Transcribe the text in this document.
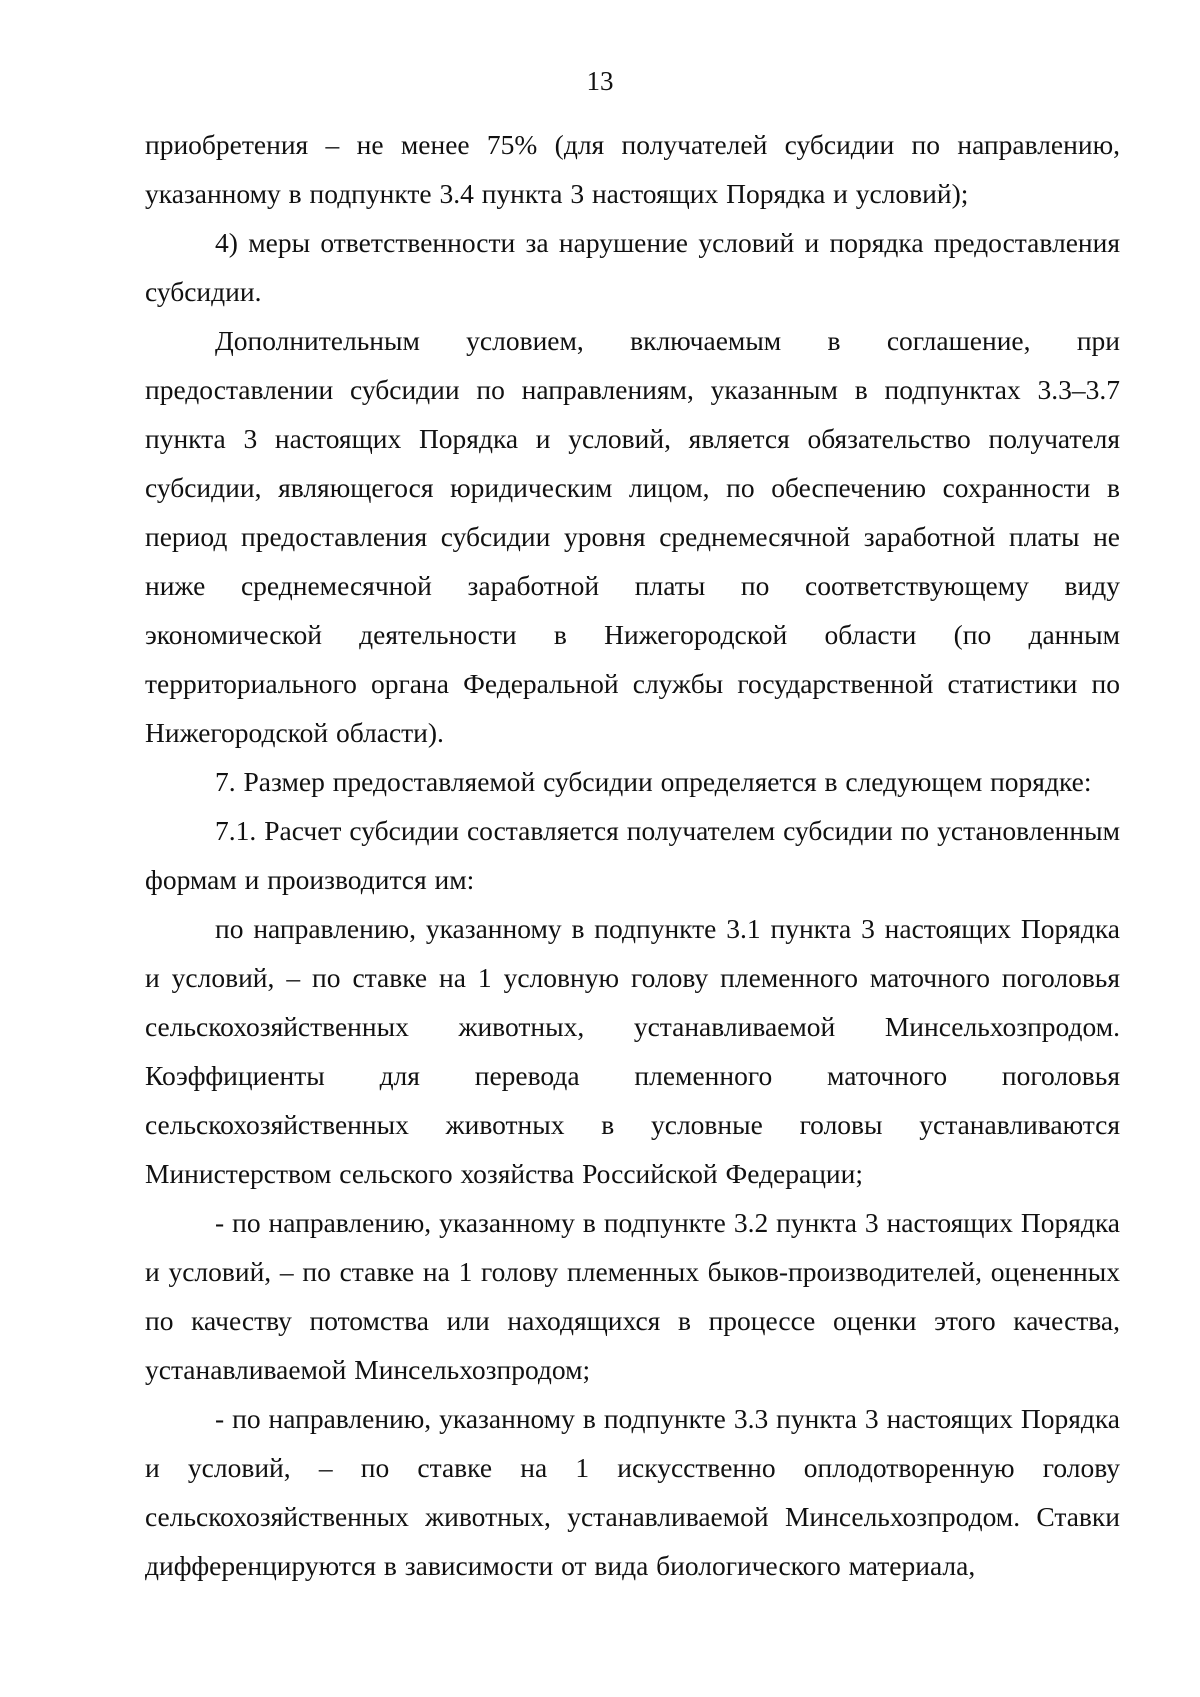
13

приобретения – не менее 75% (для получателей субсидии по направлению, указанному в подпункте 3.4 пункта 3 настоящих Порядка и условий);

4) меры ответственности за нарушение условий и порядка предоставления субсидии.

Дополнительным условием, включаемым в соглашение, при предоставлении субсидии по направлениям, указанным в подпунктах 3.3–3.7 пункта 3 настоящих Порядка и условий, является обязательство получателя субсидии, являющегося юридическим лицом, по обеспечению сохранности в период предоставления субсидии уровня среднемесячной заработной платы не ниже среднемесячной заработной платы по соответствующему виду экономической деятельности в Нижегородской области (по данным территориального органа Федеральной службы государственной статистики по Нижегородской области).

7. Размер предоставляемой субсидии определяется в следующем порядке:

7.1. Расчет субсидии составляется получателем субсидии по установленным формам и производится им:

по направлению, указанному в подпункте 3.1 пункта 3 настоящих Порядка и условий, – по ставке на 1 условную голову племенного маточного поголовья сельскохозяйственных животных, устанавливаемой Минсельхозпродом. Коэффициенты для перевода племенного маточного поголовья сельскохозяйственных животных в условные головы устанавливаются Министерством сельского хозяйства Российской Федерации;

- по направлению, указанному в подпункте 3.2 пункта 3 настоящих Порядка и условий, – по ставке на 1 голову племенных быков-производителей, оцененных по качеству потомства или находящихся в процессе оценки этого качества, устанавливаемой Минсельхозпродом;

- по направлению, указанному в подпункте 3.3 пункта 3 настоящих Порядка и условий, – по ставке на 1 искусственно оплодотворенную голову сельскохозяйственных животных, устанавливаемой Минсельхозпродом. Ставки дифференцируются в зависимости от вида биологического материала,
